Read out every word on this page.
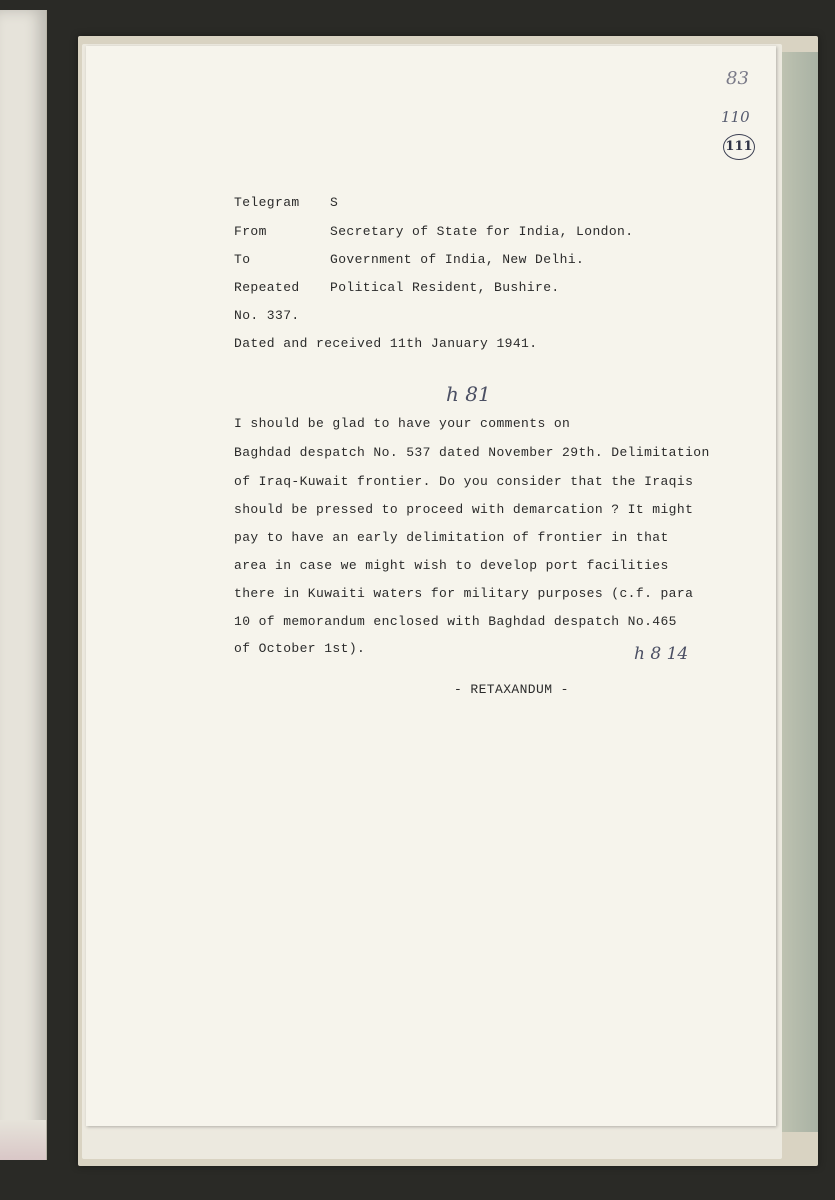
83
110
111
Telegram S
From	Secretary of State for India, London.
To	Government of India, New Delhi.
Repeated Political Resident, Bushire.
No. 337.
Dated and received 11th January 1941.
h 81
I should be glad to have your comments on
Baghdad despatch No. 537 dated November 29th. Delimitation
of Iraq-Kuwait frontier. Do you consider that the Iraqis
should be pressed to proceed with demarcation ? It might
pay to have an early delimitation of frontier in that
area in case we might wish to develop port facilities
there in Kuwaiti waters for military purposes (c.f. para
10 of memorandum enclosed with Baghdad despatch No.465
of October 1st).	h 8 14
- RETAXANDUM -
